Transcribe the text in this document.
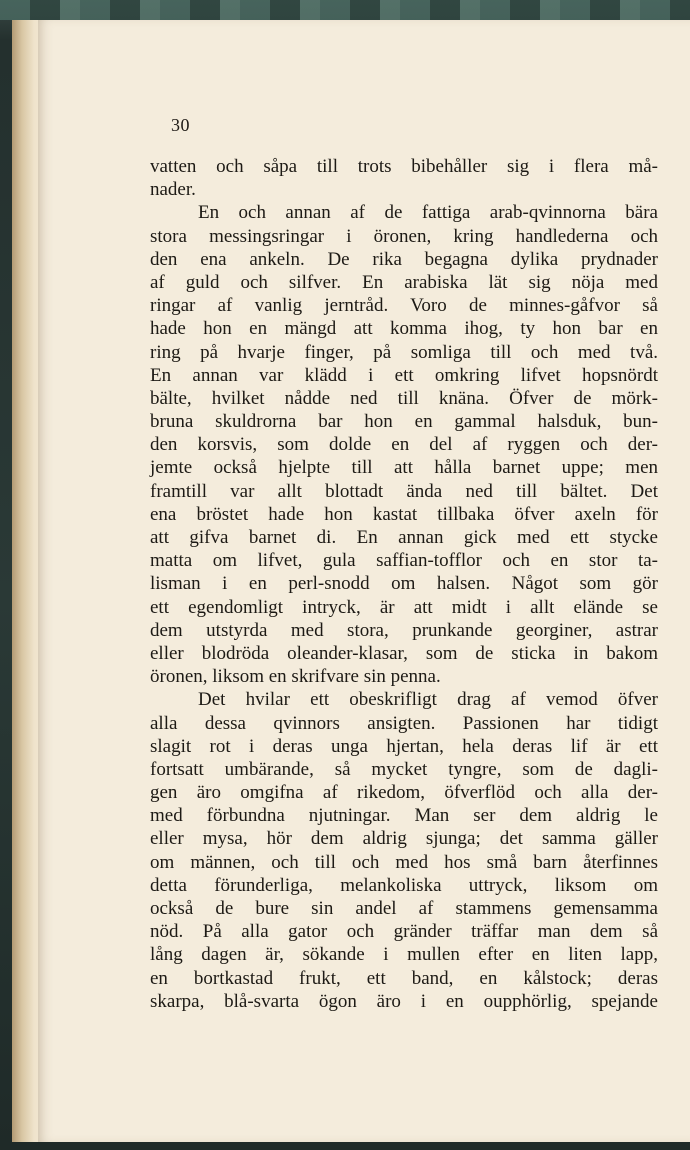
30
vatten och såpa till trots bibehåller sig i flera må-
nader.
En och annan af de fattiga arab-qvinnorna bära
stora messingsringar i öronen, kring handlederna och
den ena ankeln. De rika begagna dylika prydnader
af guld och silfver. En arabiska lät sig nöja med
ringar af vanlig jerntråd. Voro de minnes-gåfvor så
hade hon en mängd att komma ihog, ty hon bar en
ring på hvarje finger, på somliga till och med två.
En annan var klädd i ett omkring lifvet hopsnördt
bälte, hvilket nådde ned till knäna. Öfver de mörk-
bruna skuldrorna bar hon en gammal halsduk, bun-
den korsvis, som dolde en del af ryggen och der-
jemte också hjelpte till att hålla barnet uppe; men
framtill var allt blottadt ända ned till bältet. Det
ena bröstet hade hon kastat tillbaka öfver axeln för
att gifva barnet di. En annan gick med ett stycke
matta om lifvet, gula saffian-tofflor och en stor ta-
lisman i en perl-snodd om halsen. Något som gör
ett egendomligt intryck, är att midt i allt elände se
dem utstyrda med stora, prunkande georginer, astrar
eller blodröda oleander-klasar, som de sticka in bakom
öronen, liksom en skrifvare sin penna.
Det hvilar ett obeskrifligt drag af vemod öfver
alla dessa qvinnors ansigten. Passionen har tidigt
slagit rot i deras unga hjertan, hela deras lif är ett
fortsatt umbärande, så mycket tyngre, som de dagli-
gen äro omgifna af rikedom, öfverflöd och alla der-
med förbundna njutningar. Man ser dem aldrig le
eller mysa, hör dem aldrig sjunga; det samma gäller
om männen, och till och med hos små barn återfinnes
detta förunderliga, melankoliska uttryck, liksom om
också de bure sin andel af stammens gemensamma
nöd. På alla gator och gränder träffar man dem så
lång dagen är, sökande i mullen efter en liten lapp,
en bortkastad frukt, ett band, en kålstock; deras
skarpa, blå-svarta ögon äro i en oupphörlig, spejande
